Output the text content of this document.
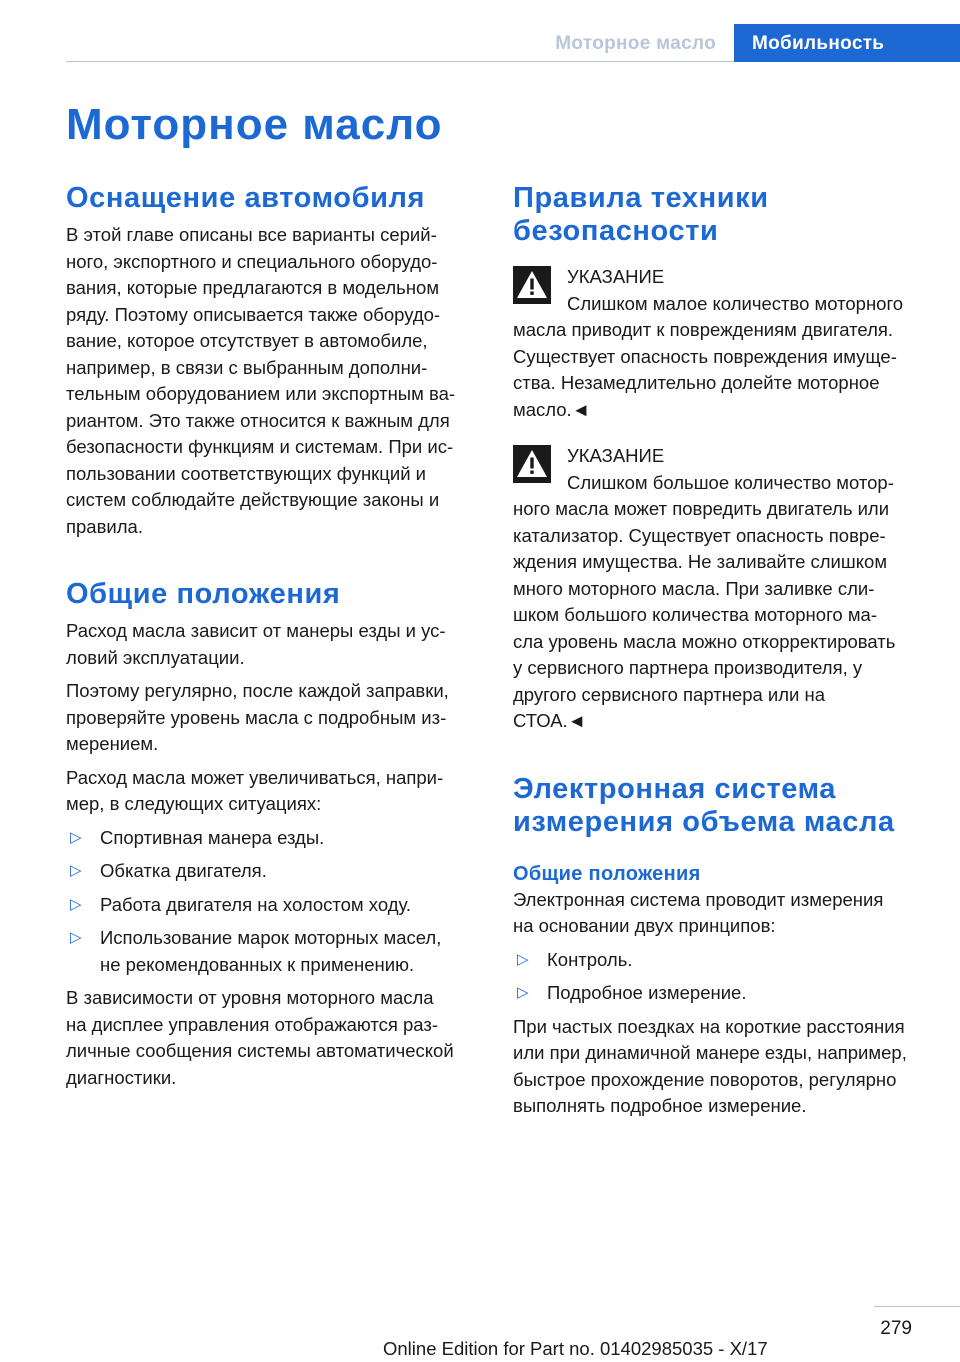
Моторное масло	Мобильность
Моторное масло
Оснащение автомобиля

В этой главе описаны все варианты серий-
ного, экспортного и специального оборудо-
вания, которые предлагаются в модельном
ряду. Поэтому описывается также оборудо-
вание, которое отсутствует в автомобиле,
например, в связи с выбранным дополни-
тельным оборудованием или экспортным ва-
риантом. Это также относится к важным для
безопасности функциям и системам. При ис-
пользовании соответствующих функций и
систем соблюдайте действующие законы и
правила.

Общие положения

Расход масла зависит от манеры езды и ус-
ловий эксплуатации.

Поэтому регулярно, после каждой заправки,
проверяйте уровень масла с подробным из-
мерением.

Расход масла может увеличиваться, напри-
мер, в следующих ситуациях:

▷ Спортивная манера езды.
▷ Обкатка двигателя.
▷ Работа двигателя на холостом ходу.
▷ Использование марок моторных масел,
не рекомендованных к применению.

В зависимости от уровня моторного масла
на дисплее управления отображаются раз-
личные сообщения системы автоматической
диагностики.

Правила техники
безопасности

УКАЗАНИЕ
Слишком малое количество моторного
масла приводит к повреждениям двигателя.
Существует опасность повреждения имуще-
ства. Незамедлительно долейте моторное
масло.◄

УКАЗАНИЕ
Слишком большое количество мотор-
ного масла может повредить двигатель или
катализатор. Существует опасность повре-
ждения имущества. Не заливайте слишком
много моторного масла. При заливке сли-
шком большого количества моторного ма-
сла уровень масла можно откорректировать
у сервисного партнера производителя, у
другого сервисного партнера или на
СТОА.◄

Электронная система
измерения объема масла
Общие положения

Электронная система проводит измерения
на основании двух принципов:

▷ Контроль.
▷ Подробное измерение.

При частых поездках на короткие расстояния
или при динамичной манере езды, например,
быстрое прохождение поворотов, регулярно
выполнять подробное измерение.

279
Online Edition for Part no. 01402985035 - X/17
